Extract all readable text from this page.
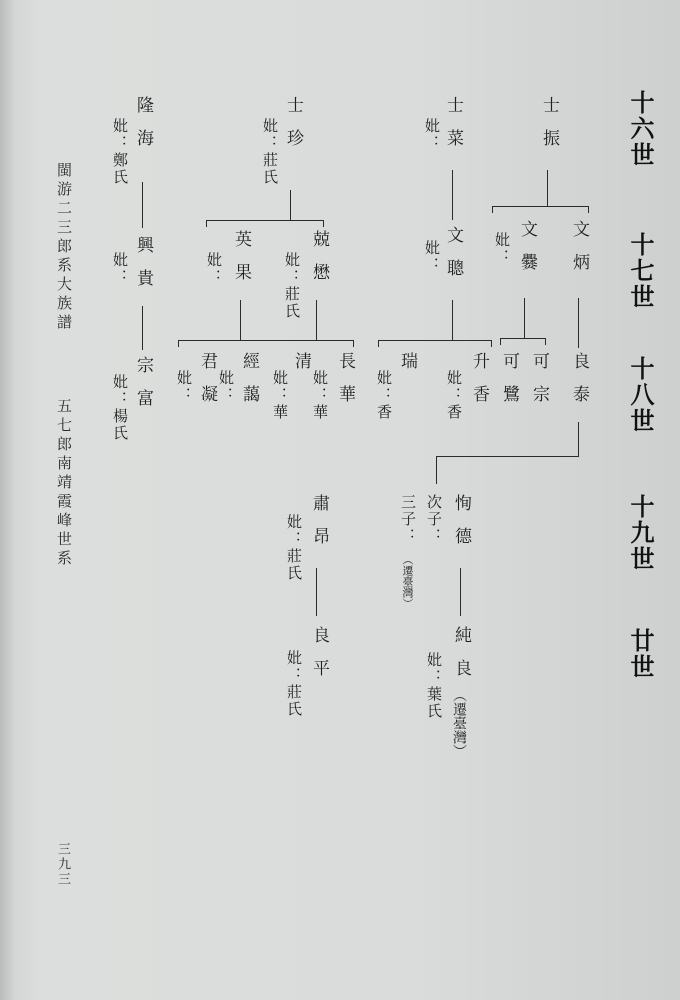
十六世
十七世
十八世
十九世
廿世
閩游二三郎系大族譜
五七郎南靖霞峰世系
三九三
士振
文炳
良泰
文爨
妣：
可宗
可鷺
恂德
次子：
三子：
（遷臺灣）
純良
（遷臺灣）
妣：葉氏
士菜
妣：
文聰
妣：
升香
妣：香
瑞
妣：香
士珍
妣：莊氏
兢懋
妣：莊氏
英果
妣：
長華
妣：華
清
妣：華
經藹
妣：
君凝
妣：
肅昂
妣：莊氏
良平
妣：莊氏
隆海
妣：鄭氏
興貴
妣：
宗富
妣：楊氏
